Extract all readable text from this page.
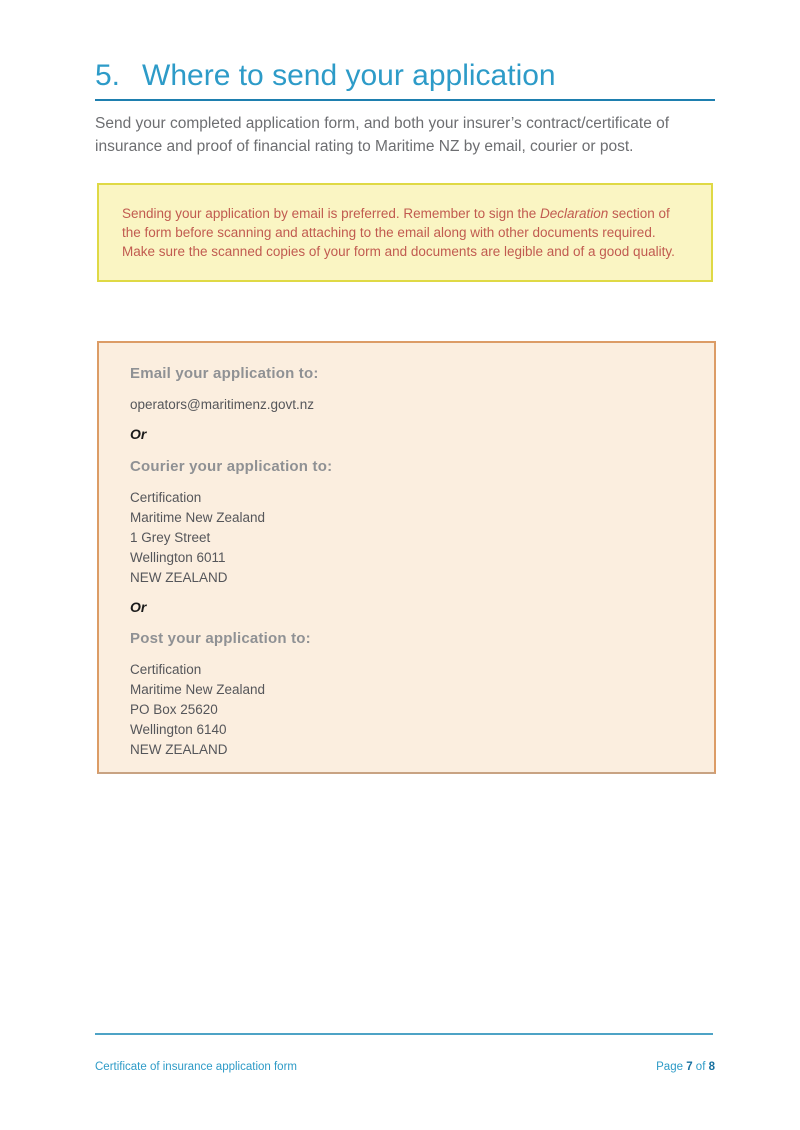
5. Where to send your application

Send your completed application form, and both your insurer’s contract/certificate of insurance and proof of financial rating to Maritime NZ by email, courier or post.

Sending your application by email is preferred. Remember to sign the Declaration section of the form before scanning and attaching to the email along with other documents required. Make sure the scanned copies of your form and documents are legible and of a good quality.
Email your application to:
operators@maritimenz.govt.nz
Or
Courier your application to:
Certification
Maritime New Zealand
1 Grey Street
Wellington 6011
NEW ZEALAND
Or
Post your application to:
Certification
Maritime New Zealand
PO Box 25620
Wellington 6140
NEW ZEALAND
Certificate of insurance application form	Page 7 of 8
